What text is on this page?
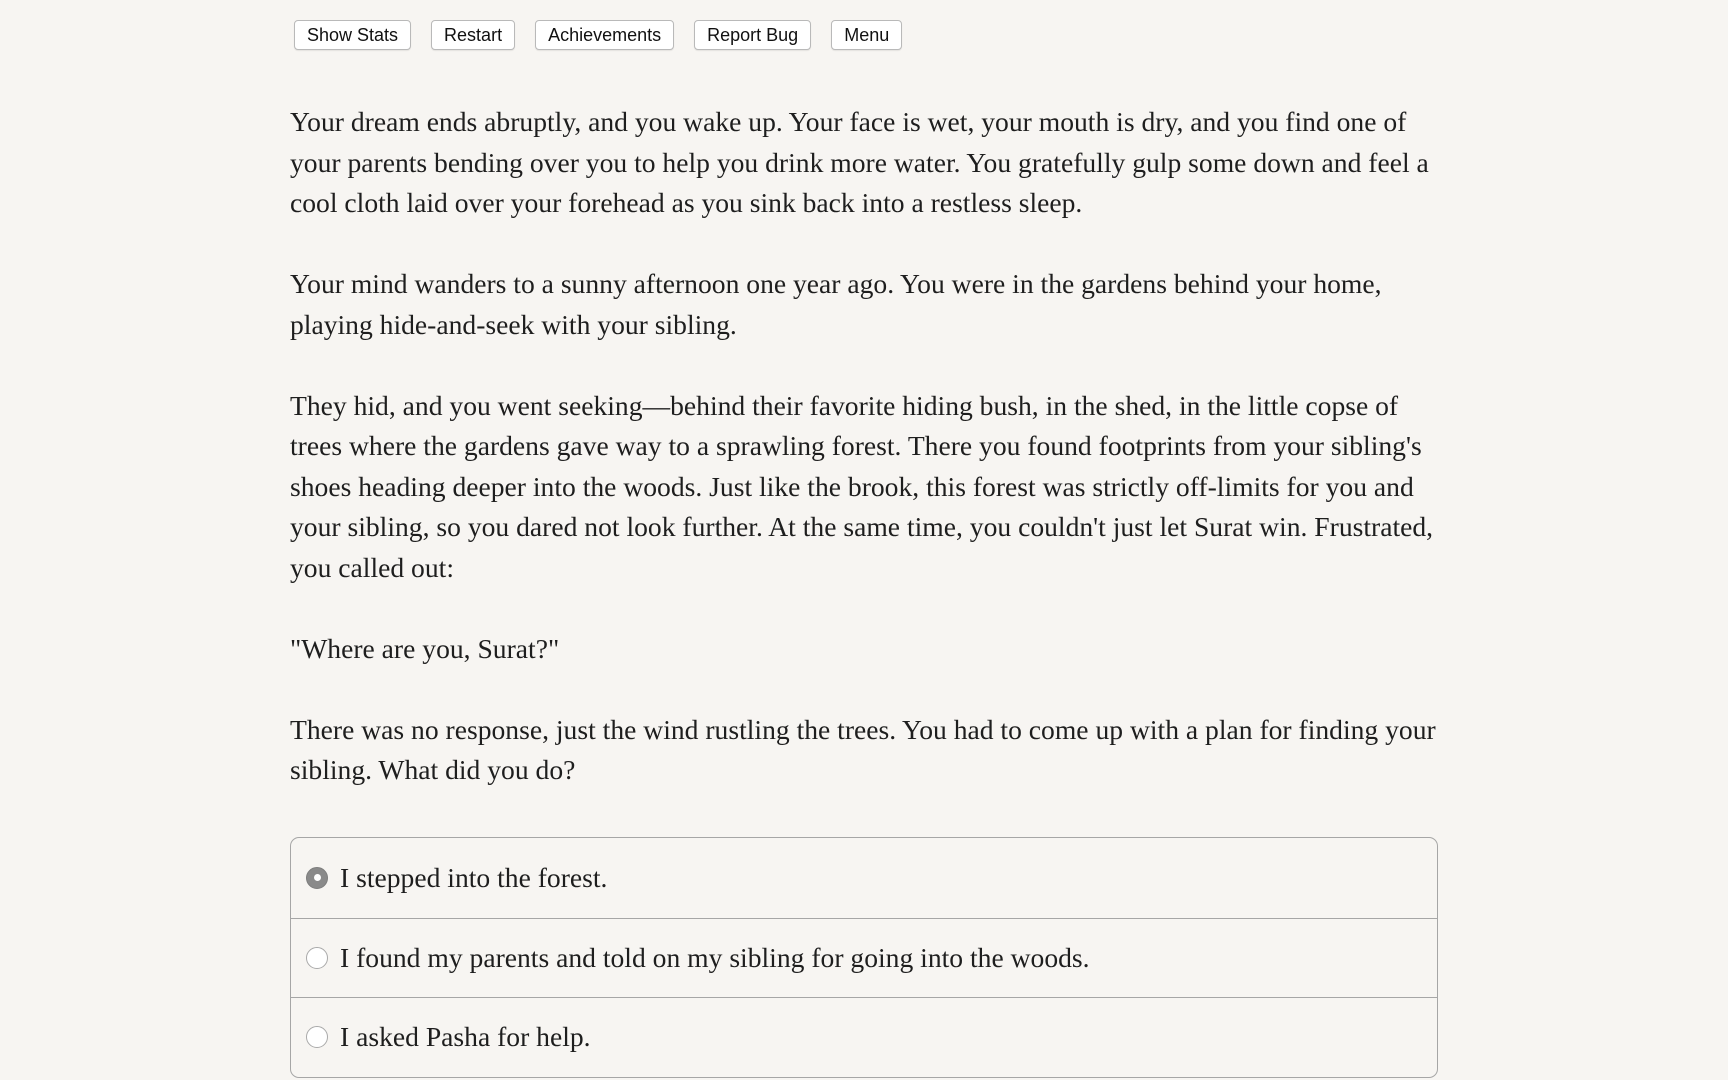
Show Stats	Restart	Achievements	Report Bug	Menu

Your dream ends abruptly, and you wake up. Your face is wet, your mouth is dry, and you find one of your parents bending over you to help you drink more water. You gratefully gulp some down and feel a cool cloth laid over your forehead as you sink back into a restless sleep.

Your mind wanders to a sunny afternoon one year ago. You were in the gardens behind your home, playing hide-and-seek with your sibling.

They hid, and you went seeking—behind their favorite hiding bush, in the shed, in the little copse of trees where the gardens gave way to a sprawling forest. There you found footprints from your sibling's shoes heading deeper into the woods. Just like the brook, this forest was strictly off-limits for you and your sibling, so you dared not look further. At the same time, you couldn't just let Surat win. Frustrated, you called out:

"Where are you, Surat?"

There was no response, just the wind rustling the trees. You had to come up with a plan for finding your sibling. What did you do?

I stepped into the forest.
I found my parents and told on my sibling for going into the woods.
I asked Pasha for help.
